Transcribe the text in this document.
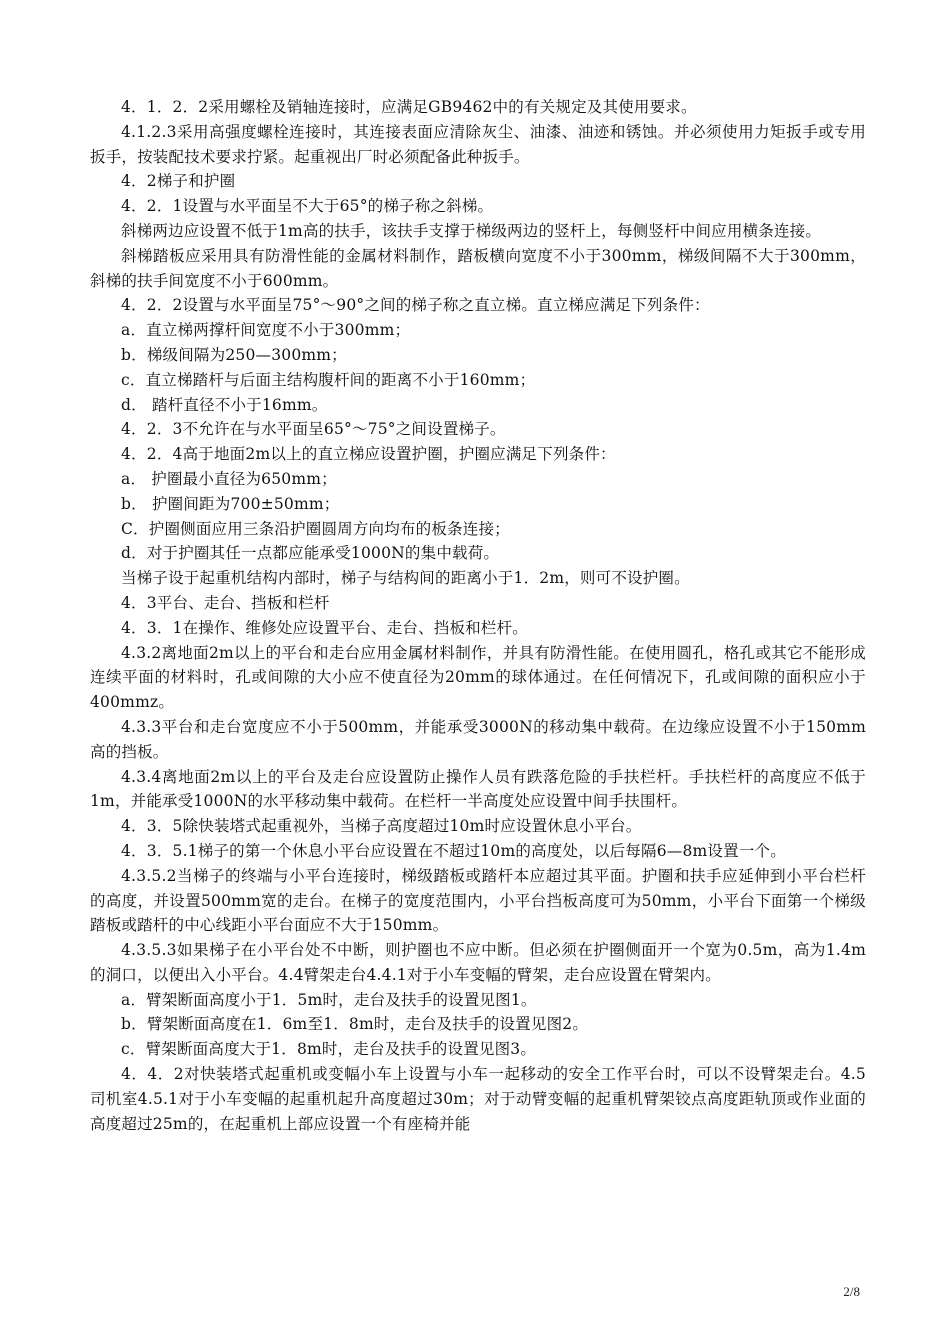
4．1．2．2采用螺栓及销轴连接时，应满足GB9462中的有关规定及其使用要求。

4.1.2.3采用高强度螺栓连接时，其连接表面应清除灰尘、油漆、油迹和锈蚀。并必须使用力矩扳手或专用扳手，按装配技术要求拧紧。起重视出厂时必须配备此种扳手。

4．2梯子和护圈

4．2．1设置与水平面呈不大于65°的梯子称之斜梯。

斜梯两边应设置不低于1m高的扶手，该扶手支撑于梯级两边的竖杆上，每侧竖杆中间应用横条连接。

斜梯踏板应采用具有防滑性能的金属材料制作，踏板横向宽度不小于300mm，梯级间隔不大于300mm，斜梯的扶手间宽度不小于600mm。

4．2．2设置与水平面呈75°～90°之间的梯子称之直立梯。直立梯应满足下列条件：

a．直立梯两撑杆间宽度不小于300mm；

b．梯级间隔为250—300mm；

c．直立梯踏杆与后面主结构腹杆间的距离不小于160mm；

d． 踏杆直径不小于16mm。

4．2．3不允许在与水平面呈65°～75°之间设置梯子。

4．2．4高于地面2m以上的直立梯应设置护圈，护圈应满足下列条件：

a． 护圈最小直径为650mm；

b． 护圈间距为700±50mm；

C．护圈侧面应用三条沿护圈圆周方向均布的板条连接；

d．对于护圈其任一点都应能承受1000N的集中载荷。

当梯子设于起重机结构内部时，梯子与结构间的距离小于1．2m，则可不设护圈。

4．3平台、走台、挡板和栏杆

4．3．1在操作、维修处应设置平台、走台、挡板和栏杆。

4.3.2离地面2m以上的平台和走台应用金属材料制作，并具有防滑性能。在使用圆孔，格孔或其它不能形成连续平面的材料时，孔或间隙的大小应不使直径为20mm的球体通过。在任何情况下，孔或间隙的面积应小于400mmz。

4.3.3平台和走台宽度应不小于500mm，并能承受3000N的移动集中载荷。在边缘应设置不小于150mm高的挡板。

4.3.4离地面2m以上的平台及走台应设置防止操作人员有跌落危险的手扶栏杆。手扶栏杆的高度应不低于1m，并能承受1000N的水平移动集中载荷。在栏杆一半高度处应设置中间手扶围杆。

4．3．5除快装塔式起重视外，当梯子高度超过10m时应设置休息小平台。

4．3．5.1梯子的第一个休息小平台应设置在不超过10m的高度处，以后每隔6—8m设置一个。

4.3.5.2当梯子的终端与小平台连接时，梯级踏板或踏杆本应超过其平面。护圈和扶手应延伸到小平台栏杆的高度，并设置500mm宽的走台。在梯子的宽度范围内，小平台挡板高度可为50mm，小平台下面第一个梯级踏板或踏杆的中心线距小平台面应不大于150mm。

4.3.5.3如果梯子在小平台处不中断，则护圈也不应中断。但必须在护圈侧面开一个宽为0.5m，高为1.4m的洞口，以便出入小平台。4.4臂架走台4.4.1对于小车变幅的臂架，走台应设置在臂架内。

a．臂架断面高度小于1．5m时，走台及扶手的设置见图1。

b．臂架断面高度在1．6m至1．8m时，走台及扶手的设置见图2。

c．臂架断面高度大于1．8m时，走台及扶手的设置见图3。

4．4．2对快装塔式起重机或变幅小车上设置与小车一起移动的安全工作平台时，可以不设臂架走台。4.5司机室4.5.1对于小车变幅的起重机起升高度超过30m；对于动臂变幅的起重机臂架铰点高度距轨顶或作业面的高度超过25m的，在起重机上部应设置一个有座椅并能

2/8
